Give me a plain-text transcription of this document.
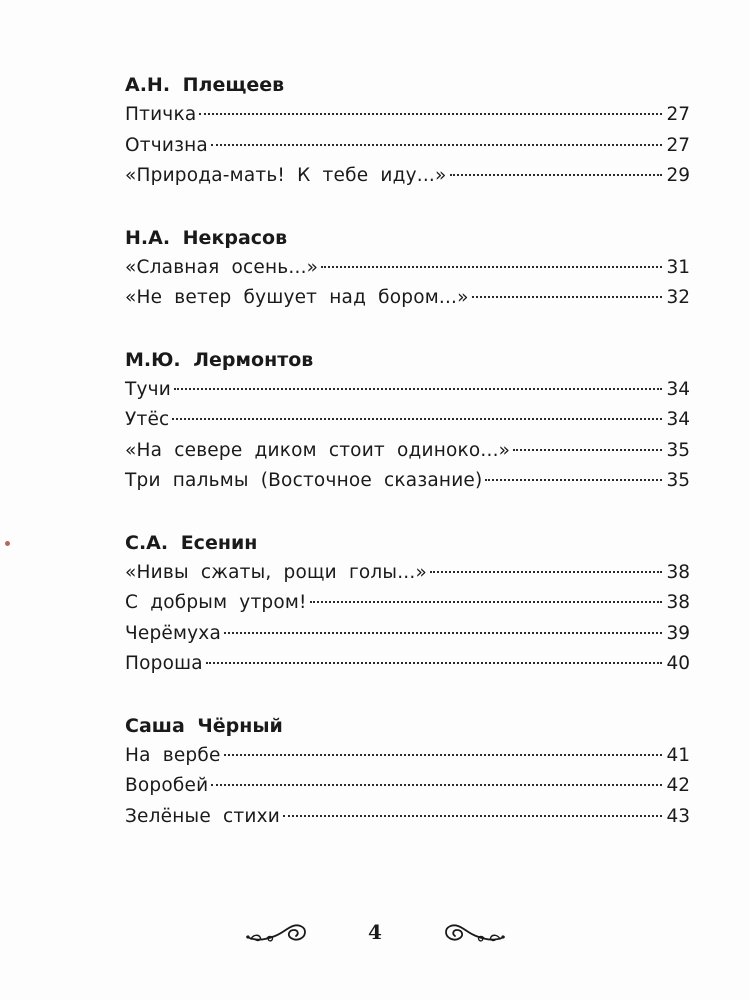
А.Н. Плещеев
Птичка	27
Отчизна	27
«Природа-мать! К тебе иду...»	29
Н.А. Некрасов
«Славная осень...»	31
«Не ветер бушует над бором...»	32
М.Ю. Лермонтов
Тучи	34
Утёс	34
«На севере диком стоит одиноко...»	35
Три пальмы (Восточное сказание)	35
С.А. Есенин
«Нивы сжаты, рощи голы...»	38
С добрым утром!	38
Черёмуха	39
Пороша	40
Саша Чёрный
На вербе	41
Воробей	42
Зелёные стихи	43
4
